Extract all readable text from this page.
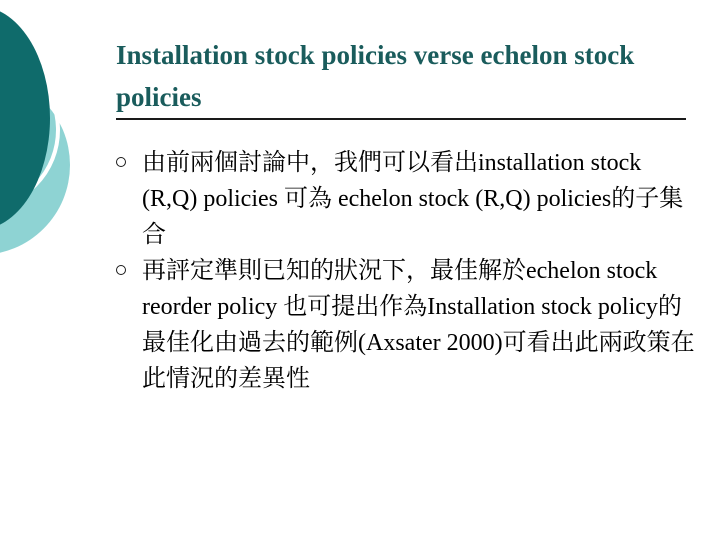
Installation stock policies verse echelon stock policies
由前兩個討論中，我們可以看出installation stock (R,Q) policies 可為 echelon stock (R,Q) policies的子集合
再評定準則已知的狀況下，最佳解於echelon stock reorder policy 也可提出作為Installation stock policy的最佳化由過去的範例(Axsater 2000)可看出此兩政策在此情況的差異性
